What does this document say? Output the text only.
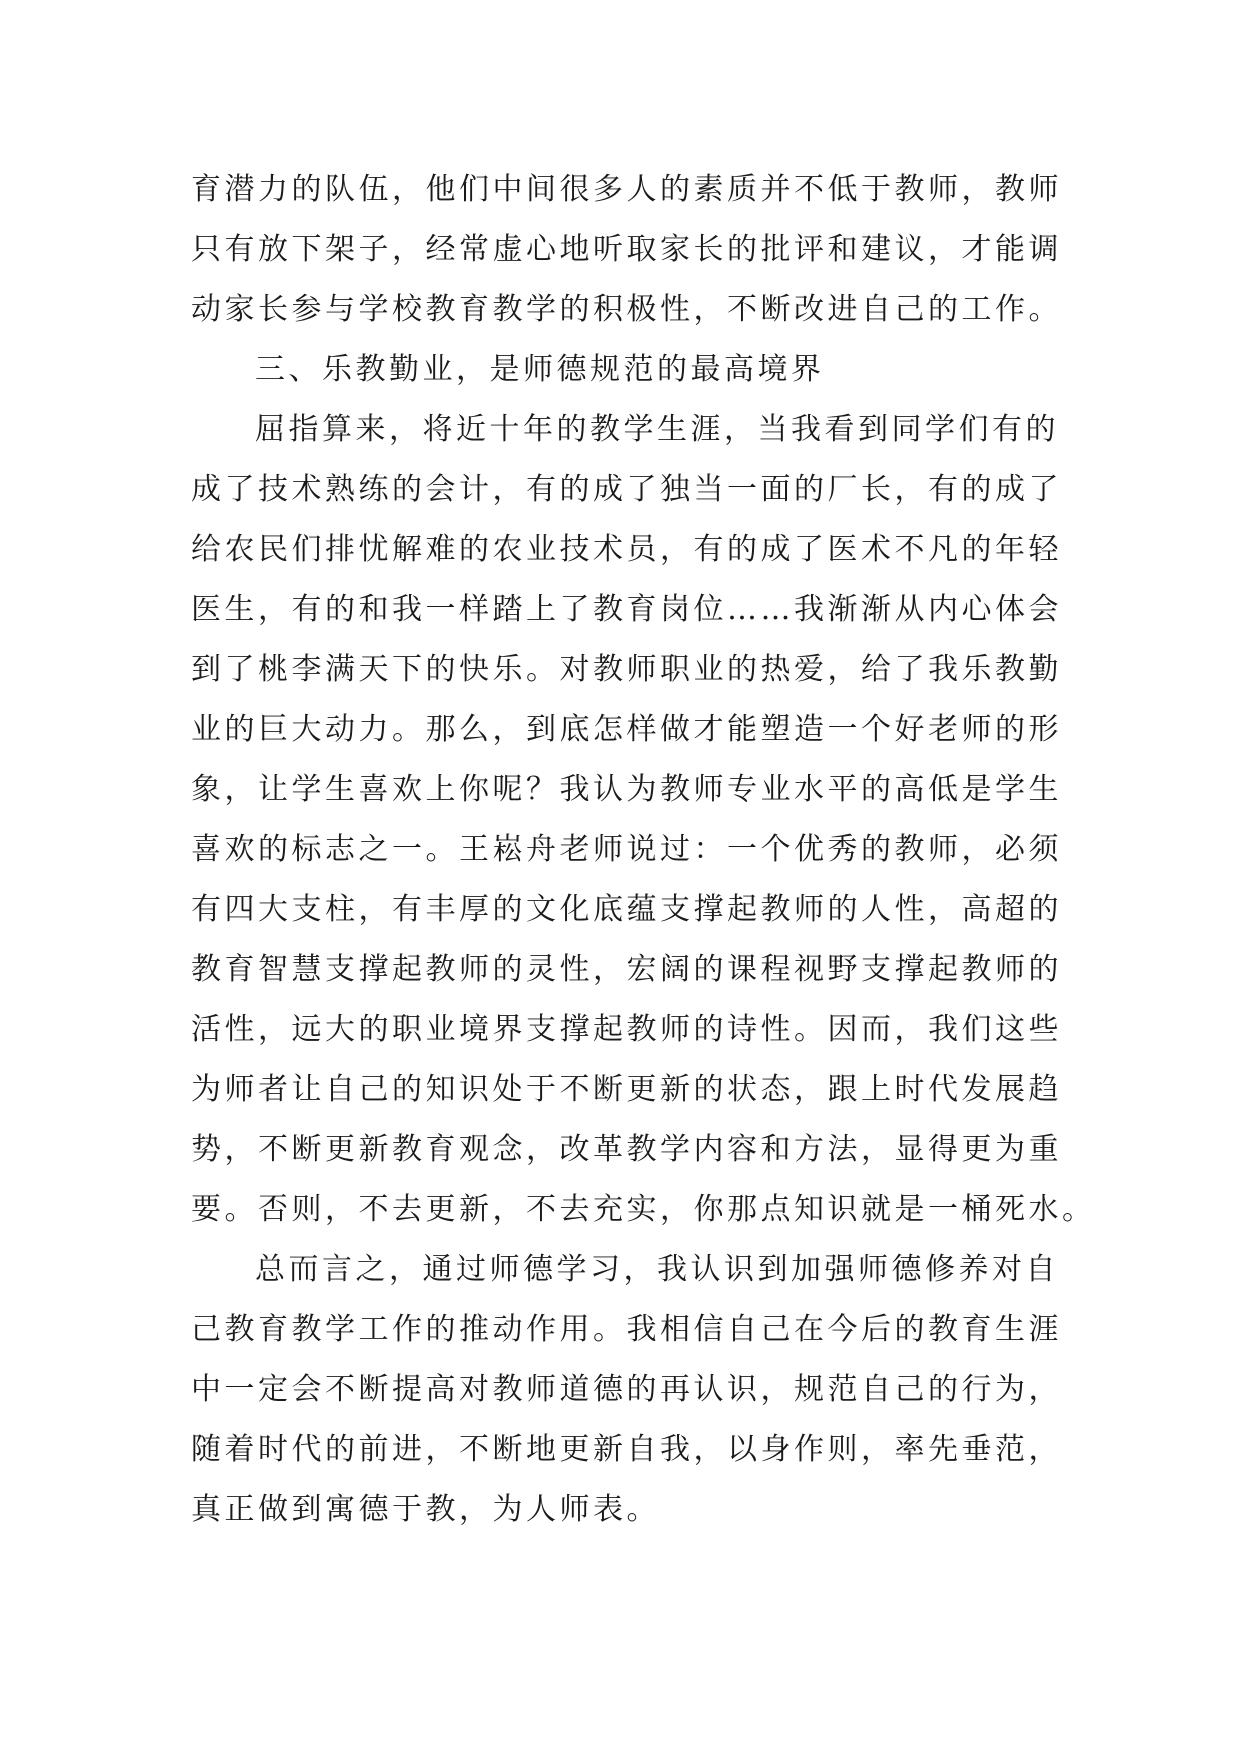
育潜力的队伍，他们中间很多人的素质并不低于教师，教师
只有放下架子，经常虚心地听取家长的批评和建议，才能调
动家长参与学校教育教学的积极性，不断改进自己的工作。
三、乐教勤业，是师德规范的最高境界
屈指算来，将近十年的教学生涯，当我看到同学们有的
成了技术熟练的会计，有的成了独当一面的厂长，有的成了
给农民们排忧解难的农业技术员，有的成了医术不凡的年轻
医生，有的和我一样踏上了教育岗位……我渐渐从内心体会
到了桃李满天下的快乐。对教师职业的热爱，给了我乐教勤
业的巨大动力。那么，到底怎样做才能塑造一个好老师的形
象，让学生喜欢上你呢？我认为教师专业水平的高低是学生
喜欢的标志之一。王崧舟老师说过：一个优秀的教师，必须
有四大支柱，有丰厚的文化底蕴支撑起教师的人性，高超的
教育智慧支撑起教师的灵性，宏阔的课程视野支撑起教师的
活性，远大的职业境界支撑起教师的诗性。因而，我们这些
为师者让自己的知识处于不断更新的状态，跟上时代发展趋
势，不断更新教育观念，改革教学内容和方法，显得更为重
要。否则，不去更新，不去充实，你那点知识就是一桶死水。
总而言之，通过师德学习，我认识到加强师德修养对自
己教育教学工作的推动作用。我相信自己在今后的教育生涯
中一定会不断提高对教师道德的再认识，规范自己的行为，
随着时代的前进，不断地更新自我，以身作则，率先垂范，
真正做到寓德于教，为人师表。
